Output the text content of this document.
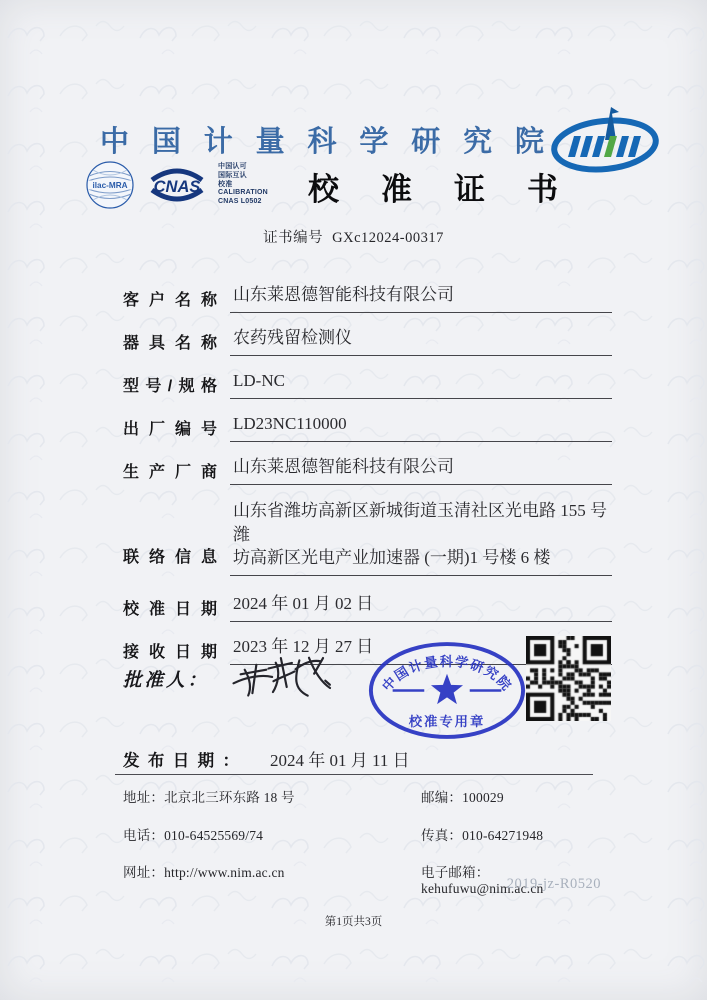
中国计量科学研究院
ilac-MRA CNAS
中国认可
国际互认
校准
CALIBRATION
CNAS L0502	校准证书
证书编号 GXc12024-00317
客户名称 山东莱恩德智能科技有限公司
器具名称 农药残留检测仪
型号/规格 LD-NC
出厂编号 LD23NC110000
生产厂商 山东莱恩德智能科技有限公司
联络信息
山东省潍坊高新区新城街道玉清社区光电路 155 号潍
坊高新区光电产业加速器 (一期)1 号楼 6 楼
校准日期 2024 年 01 月 02 日
接收日期 2023 年 12 月 27 日
批准人：	中国计量科学研究院
校准专用章
发布日期： 2024 年 01 月 11 日
地址：北京北三环东路 18 号	邮编：100029
电话：010-64525569/74	传真：010-64271948
网址：http://www.nim.ac.cn	电子邮箱：kehufuwu@nim.ac.cn
2019-jz-R0520
第1页共3页
